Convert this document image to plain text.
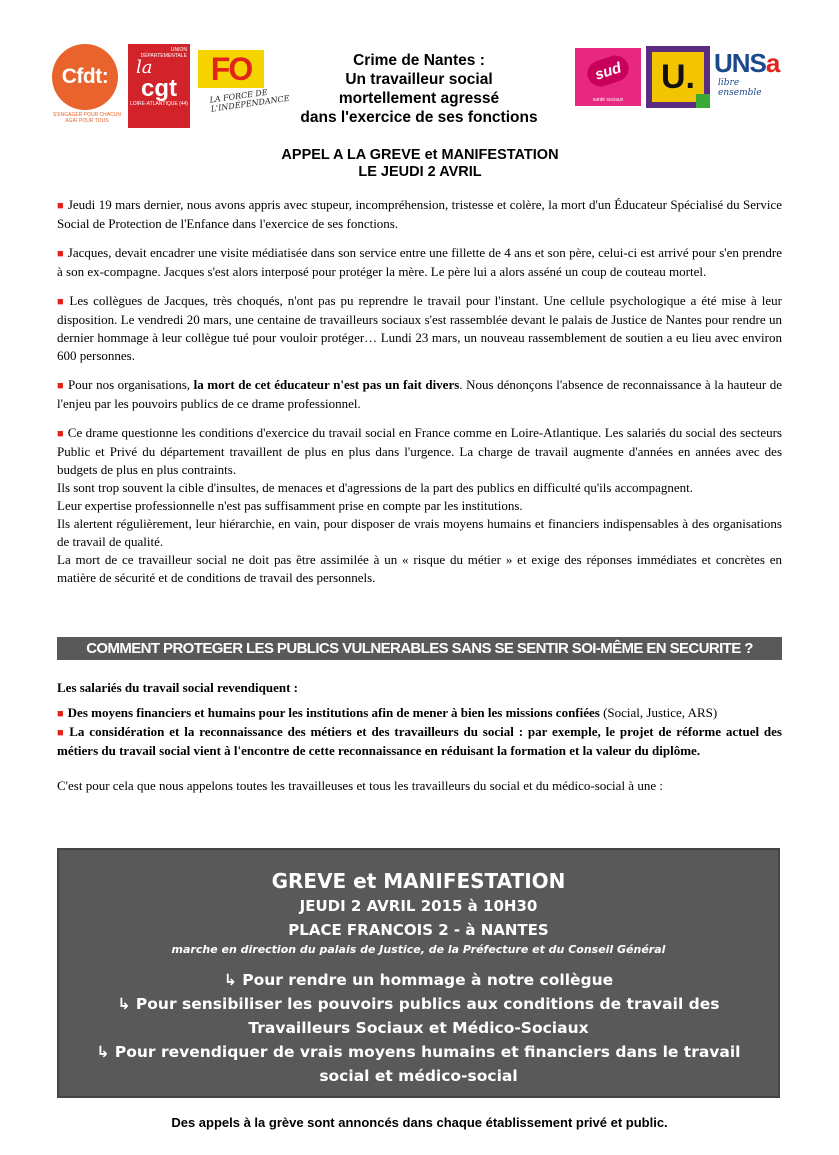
Cfdt:
S'ENGAGER POUR CHACUN AGIR POUR TOUS
UNION DÉPARTEMENTALE
la
cgt
LOIRE-ATLANTIQUE (44)
FO
LA FORCE DE L'INDÉPENDANCE
Crime de Nantes :
Un travailleur social
mortellement agressé
dans l'exercice de ses fonctions
sud
santé sociaux
U. UNSa
libre ensemble
APPEL A LA GREVE et MANIFESTATION
LE JEUDI 2 AVRIL

■ Jeudi 19 mars dernier, nous avons appris avec stupeur, incompréhension, tristesse et colère, la mort d'un Éducateur Spécialisé du Service Social de Protection de l'Enfance dans l'exercice de ses fonctions.

■ Jacques, devait encadrer une visite médiatisée dans son service entre une fillette de 4 ans et son père, celui-ci est arrivé pour s'en prendre à son ex-compagne. Jacques s'est alors interposé pour protéger la mère. Le père lui a alors asséné un coup de couteau mortel.

■ Les collègues de Jacques, très choqués, n'ont pas pu reprendre le travail pour l'instant. Une cellule psychologique a été mise à leur disposition. Le vendredi 20 mars, une centaine de travailleurs sociaux s'est rassemblée devant le palais de Justice de Nantes pour rendre un dernier hommage à leur collègue tué pour vouloir protéger… Lundi 23 mars, un nouveau rassemblement de soutien a eu lieu avec environ 600 personnes.

■ Pour nos organisations, la mort de cet éducateur n'est pas un fait divers. Nous dénonçons l'absence de reconnaissance à la hauteur de l'enjeu par les pouvoirs publics de ce drame professionnel.

■ Ce drame questionne les conditions d'exercice du travail social en France comme en Loire-Atlantique. Les salariés du social des secteurs Public et Privé du département travaillent de plus en plus dans l'urgence. La charge de travail augmente d'années en années avec des budgets de plus en plus contraints.

Ils sont trop souvent la cible d'insultes, de menaces et d'agressions de la part des publics en difficulté qu'ils accompagnent.

Leur expertise professionnelle n'est pas suffisamment prise en compte par les institutions.

Ils alertent régulièrement, leur hiérarchie, en vain, pour disposer de vrais moyens humains et financiers indispensables à des organisations de travail de qualité.

La mort de ce travailleur social ne doit pas être assimilée à un « risque du métier » et exige des réponses immédiates et concrètes en matière de sécurité et de conditions de travail des personnels.

COMMENT PROTEGER LES PUBLICS VULNERABLES SANS SE SENTIR SOI-MÊME EN SECURITE ?

Les salariés du travail social revendiquent :

■ Des moyens financiers et humains pour les institutions afin de mener à bien les missions confiées (Social, Justice, ARS)

■ La considération et la reconnaissance des métiers et des travailleurs du social : par exemple, le projet de réforme actuel des métiers du travail social vient à l'encontre de cette reconnaissance en réduisant la formation et la valeur du diplôme.

C'est pour cela que nous appelons toutes les travailleuses et tous les travailleurs du social et du médico-social à une :

GREVE et MANIFESTATION
JEUDI 2 AVRIL 2015 à 10H30
PLACE FRANCOIS 2 - à NANTES
marche en direction du palais de Justice, de la Préfecture et du Conseil Général
↳ Pour rendre un hommage à notre collègue
↳ Pour sensibiliser les pouvoirs publics aux conditions de travail des Travailleurs Sociaux et Médico-Sociaux
↳ Pour revendiquer de vrais moyens humains et financiers dans le travail social et médico-social
Des appels à la grève sont annoncés dans chaque établissement privé et public.
